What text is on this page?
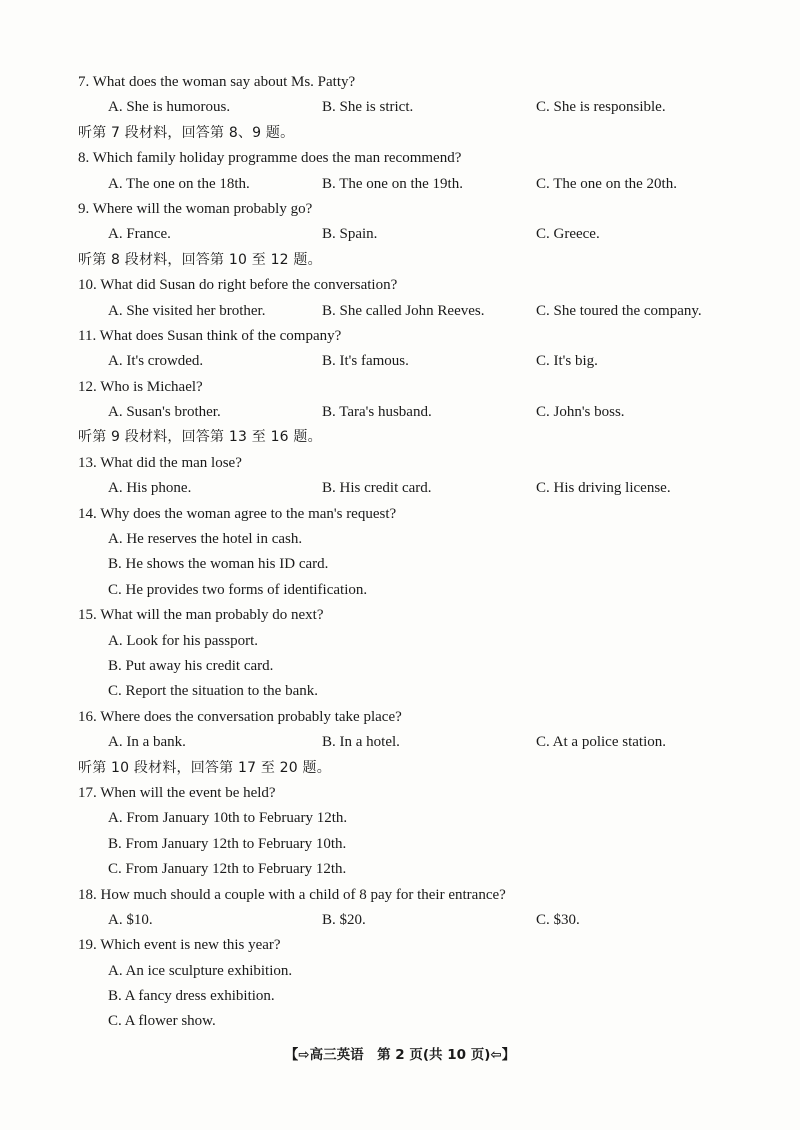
7. What does the woman say about Ms. Patty?
A. She is humorous.	B. She is strict.	C. She is responsible.
听第 7 段材料，回答第 8、9 题。
8. Which family holiday programme does the man recommend?
A. The one on the 18th.	B. The one on the 19th.	C. The one on the 20th.
9. Where will the woman probably go?
A. France.	B. Spain.	C. Greece.
听第 8 段材料，回答第 10 至 12 题。
10. What did Susan do right before the conversation?
A. She visited her brother.	B. She called John Reeves.	C. She toured the company.
11. What does Susan think of the company?
A. It's crowded.	B. It's famous.	C. It's big.
12. Who is Michael?
A. Susan's brother.	B. Tara's husband.	C. John's boss.
听第 9 段材料，回答第 13 至 16 题。
13. What did the man lose?
A. His phone.	B. His credit card.	C. His driving license.
14. Why does the woman agree to the man's request?
A. He reserves the hotel in cash.
B. He shows the woman his ID card.
C. He provides two forms of identification.
15. What will the man probably do next?
A. Look for his passport.
B. Put away his credit card.
C. Report the situation to the bank.
16. Where does the conversation probably take place?
A. In a bank.	B. In a hotel.	C. At a police station.
听第 10 段材料，回答第 17 至 20 题。
17. When will the event be held?
A. From January 10th to February 12th.
B. From January 12th to February 10th.
C. From January 12th to February 12th.
18. How much should a couple with a child of 8 pay for their entrance?
A. $10.	B. $20.	C. $30.
19. Which event is new this year?
A. An ice sculpture exhibition.
B. A fancy dress exhibition.
C. A flower show.
【⇨高三英语　第 2 页(共 10 页)⇦】
